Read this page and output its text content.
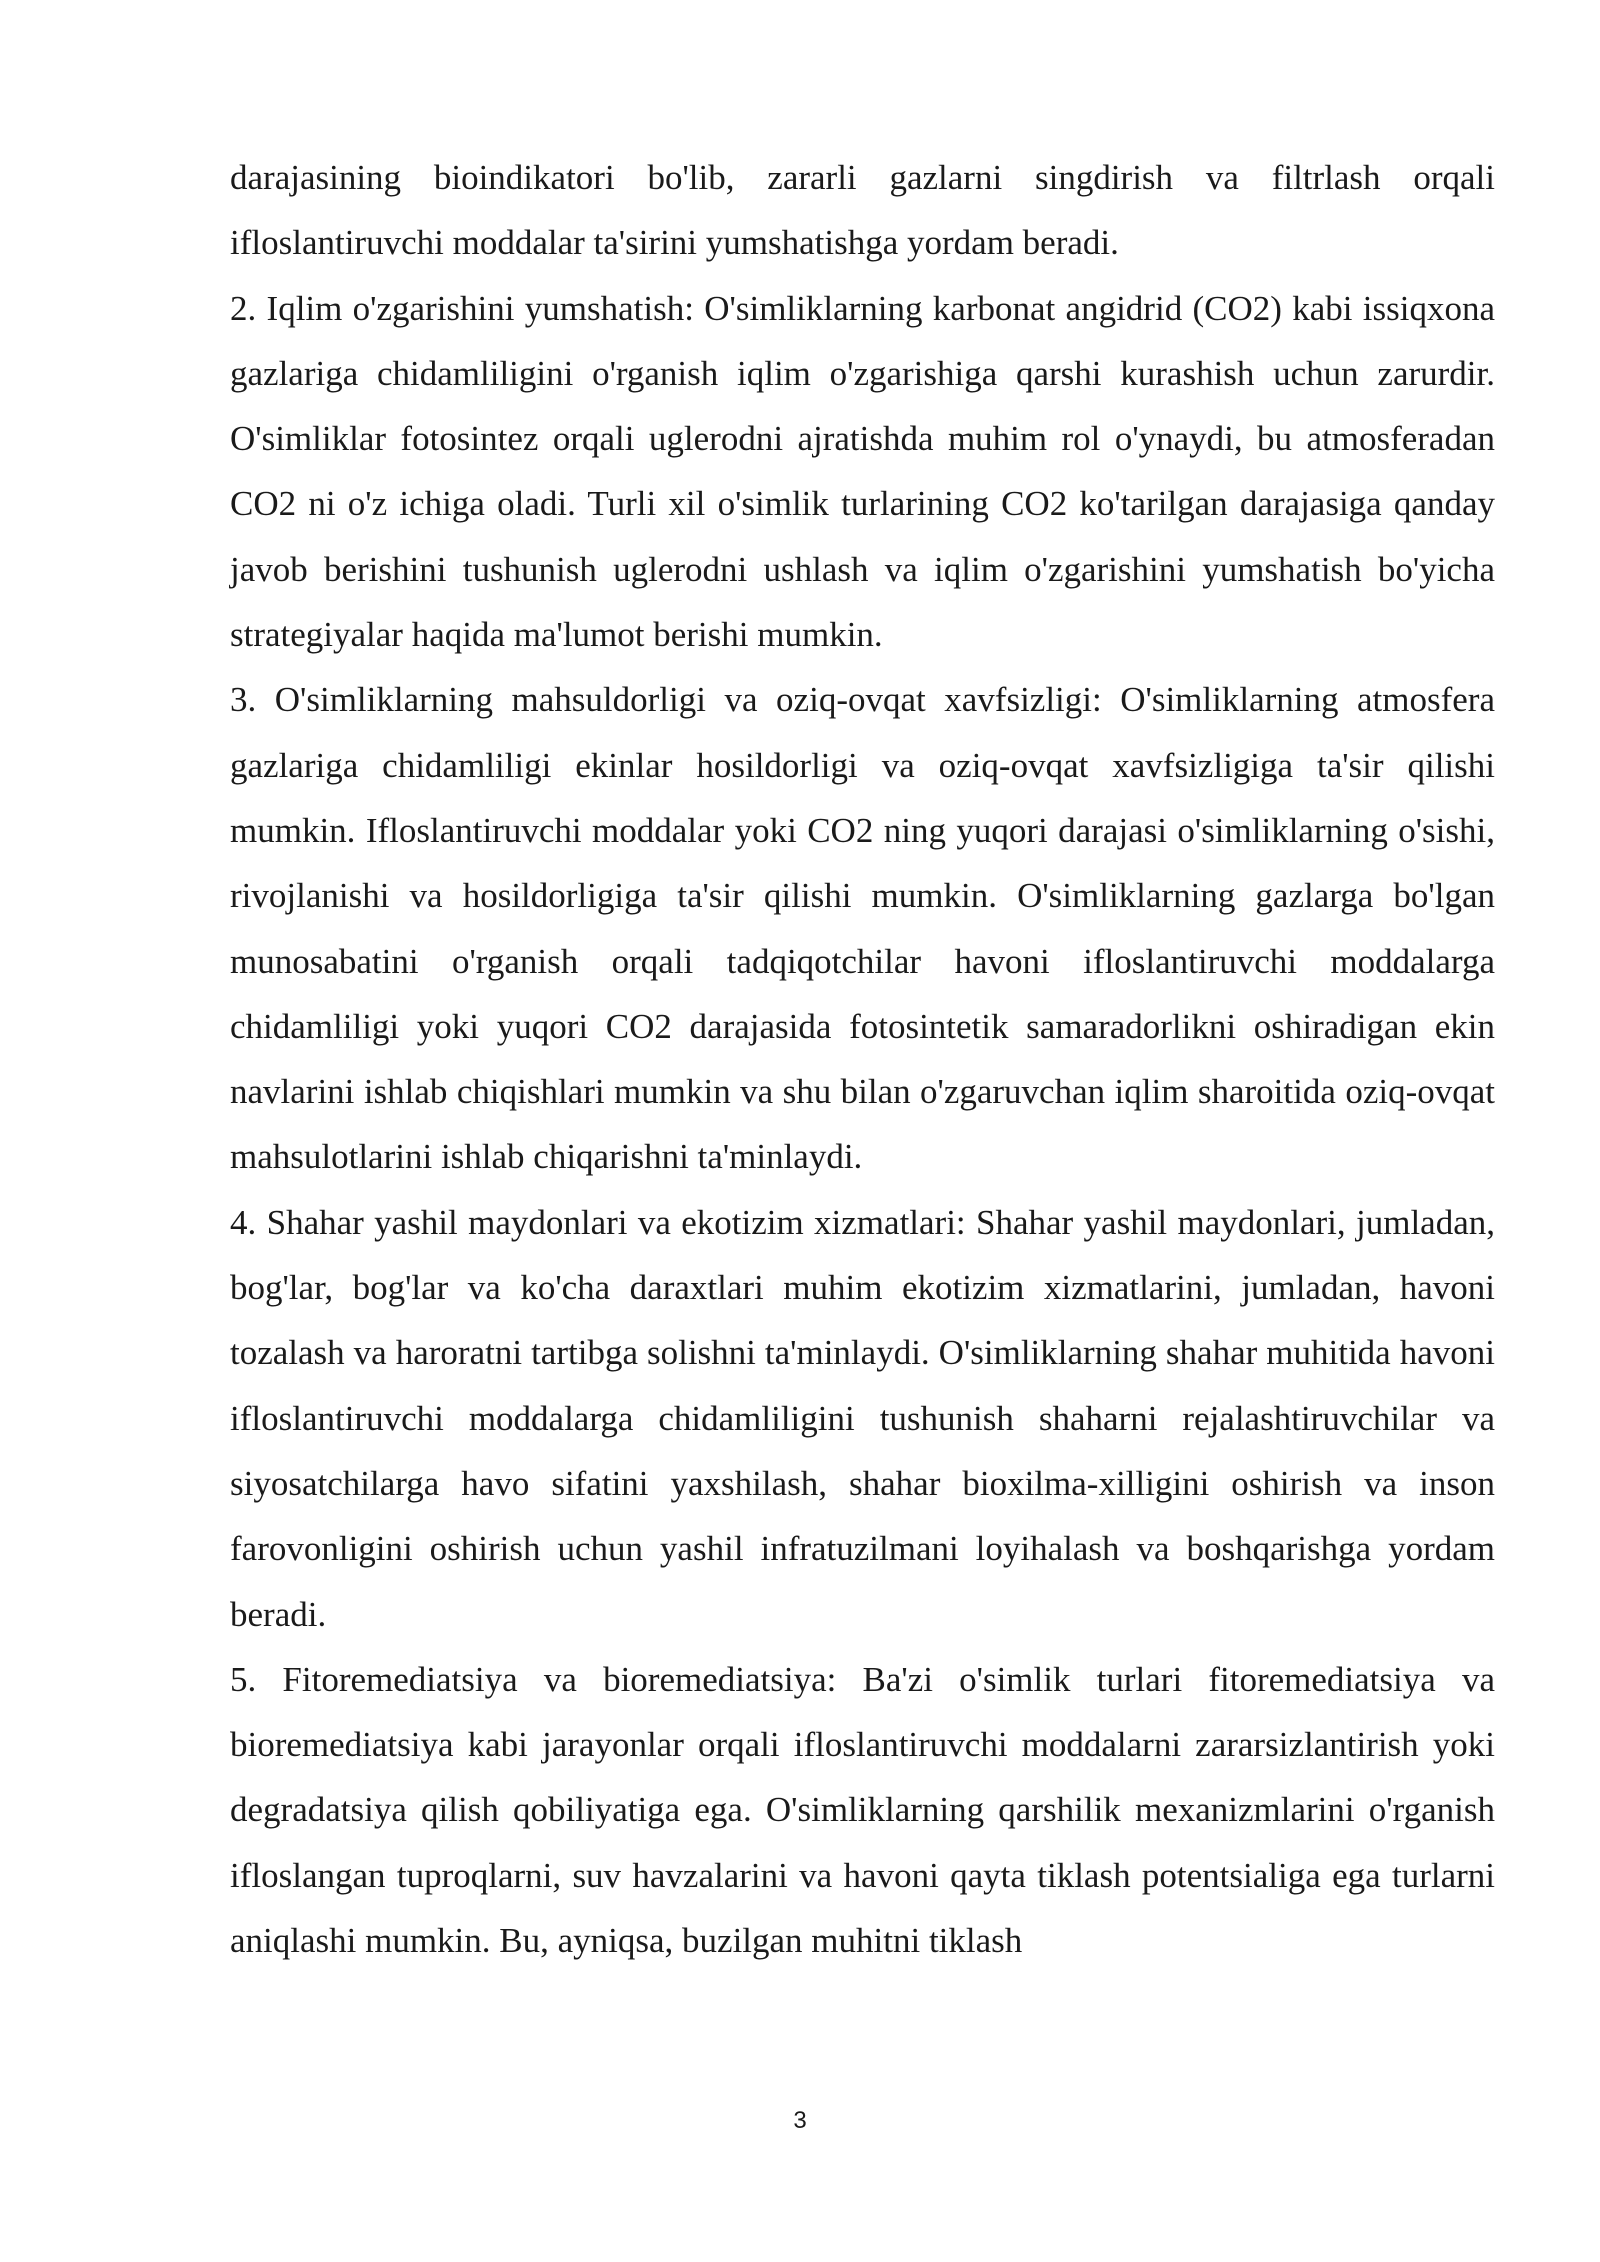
darajasining bioindikatori bo'lib, zararli gazlarni singdirish va filtrlash orqali ifloslantiruvchi moddalar ta'sirini yumshatishga yordam beradi.

2. Iqlim o'zgarishini yumshatish: O'simliklarning karbonat angidrid (CO2) kabi issiqxona gazlariga chidamliligini o'rganish iqlim o'zgarishiga qarshi kurashish uchun zarurdir. O'simliklar fotosintez orqali uglerodni ajratishda muhim rol o'ynaydi, bu atmosferadan CO2 ni o'z ichiga oladi. Turli xil o'simlik turlarining CO2 ko'tarilgan darajasiga qanday javob berishini tushunish uglerodni ushlash va iqlim o'zgarishini yumshatish bo'yicha strategiyalar haqida ma'lumot berishi mumkin.

3. O'simliklarning mahsuldorligi va oziq-ovqat xavfsizligi: O'simliklarning atmosfera gazlariga chidamliligi ekinlar hosildorligi va oziq-ovqat xavfsizligiga ta'sir qilishi mumkin. Ifloslantiruvchi moddalar yoki CO2 ning yuqori darajasi o'simliklarning o'sishi, rivojlanishi va hosildorligiga ta'sir qilishi mumkin. O'simliklarning gazlarga bo'lgan munosabatini o'rganish orqali tadqiqotchilar havoni ifloslantiruvchi moddalarga chidamliligi yoki yuqori CO2 darajasida fotosintetik samaradorlikni oshiradigan ekin navlarini ishlab chiqishlari mumkin va shu bilan o'zgaruvchan iqlim sharoitida oziq-ovqat mahsulotlarini ishlab chiqarishni ta'minlaydi.

4. Shahar yashil maydonlari va ekotizim xizmatlari: Shahar yashil maydonlari, jumladan, bog'lar, bog'lar va ko'cha daraxtlari muhim ekotizim xizmatlarini, jumladan, havoni tozalash va haroratni tartibga solishni ta'minlaydi. O'simliklarning shahar muhitida havoni ifloslantiruvchi moddalarga chidamliligini tushunish shaharni rejalashtiruvchilar va siyosatchilarga havo sifatini yaxshilash, shahar bioxilma-xilligini oshirish va inson farovonligini oshirish uchun yashil infratuzilmani loyihalash va boshqarishga yordam beradi.

5. Fitoremediatsiya va bioremediatsiya: Ba'zi o'simlik turlari fitoremediatsiya va bioremediatsiya kabi jarayonlar orqali ifloslantiruvchi moddalarni zararsizlantirish yoki degradatsiya qilish qobiliyatiga ega. O'simliklarning qarshilik mexanizmlarini o'rganish ifloslangan tuproqlarni, suv havzalarini va havoni qayta tiklash potentsialiga ega turlarni aniqlashi mumkin. Bu, ayniqsa, buzilgan muhitni tiklash

3
